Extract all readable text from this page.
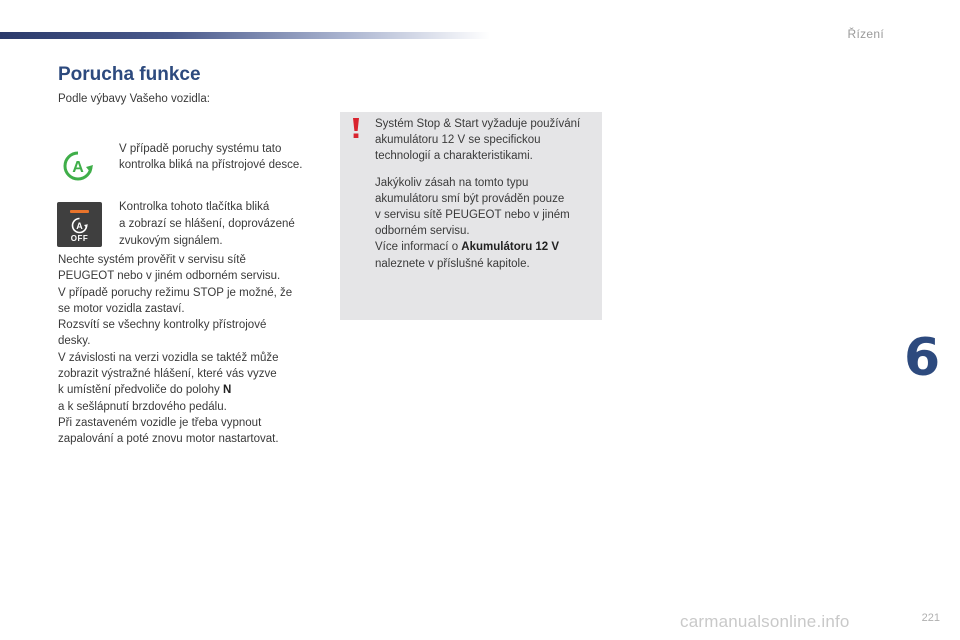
Řízení
Porucha funkce
Podle výbavy Vašeho vozidla:
A
V případě poruchy systému tato
kontrolka bliká na přístrojové desce.
A
OFF
Kontrolka tohoto tlačítka bliká
a zobrazí se hlášení, doprovázené
zvukovým signálem.
Nechte systém prověřit v servisu sítě
PEUGEOT nebo v jiném odborném servisu.
V případě poruchy režimu STOP je možné, že
se motor vozidla zastaví.
Rozsvítí se všechny kontrolky přístrojové
desky.
V závislosti na verzi vozidla se taktéž může
zobrazit výstražné hlášení, které vás vyzve
k umístění předvoliče do polohy N
a k sešlápnutí brzdového pedálu.
Při zastaveném vozidle je třeba vypnout
zapalování a poté znovu motor nastartovat.

Systém Stop & Start vyžaduje používání
akumulátoru 12 V se specifickou
technologií a charakteristikami.

Jakýkoliv zásah na tomto typu
akumulátoru smí být prováděn pouze
v servisu sítě PEUGEOT nebo v jiném
odborném servisu.
Více informací o Akumulátoru 12 V
naleznete v příslušné kapitole.

6
carmanualsonline.info	221
